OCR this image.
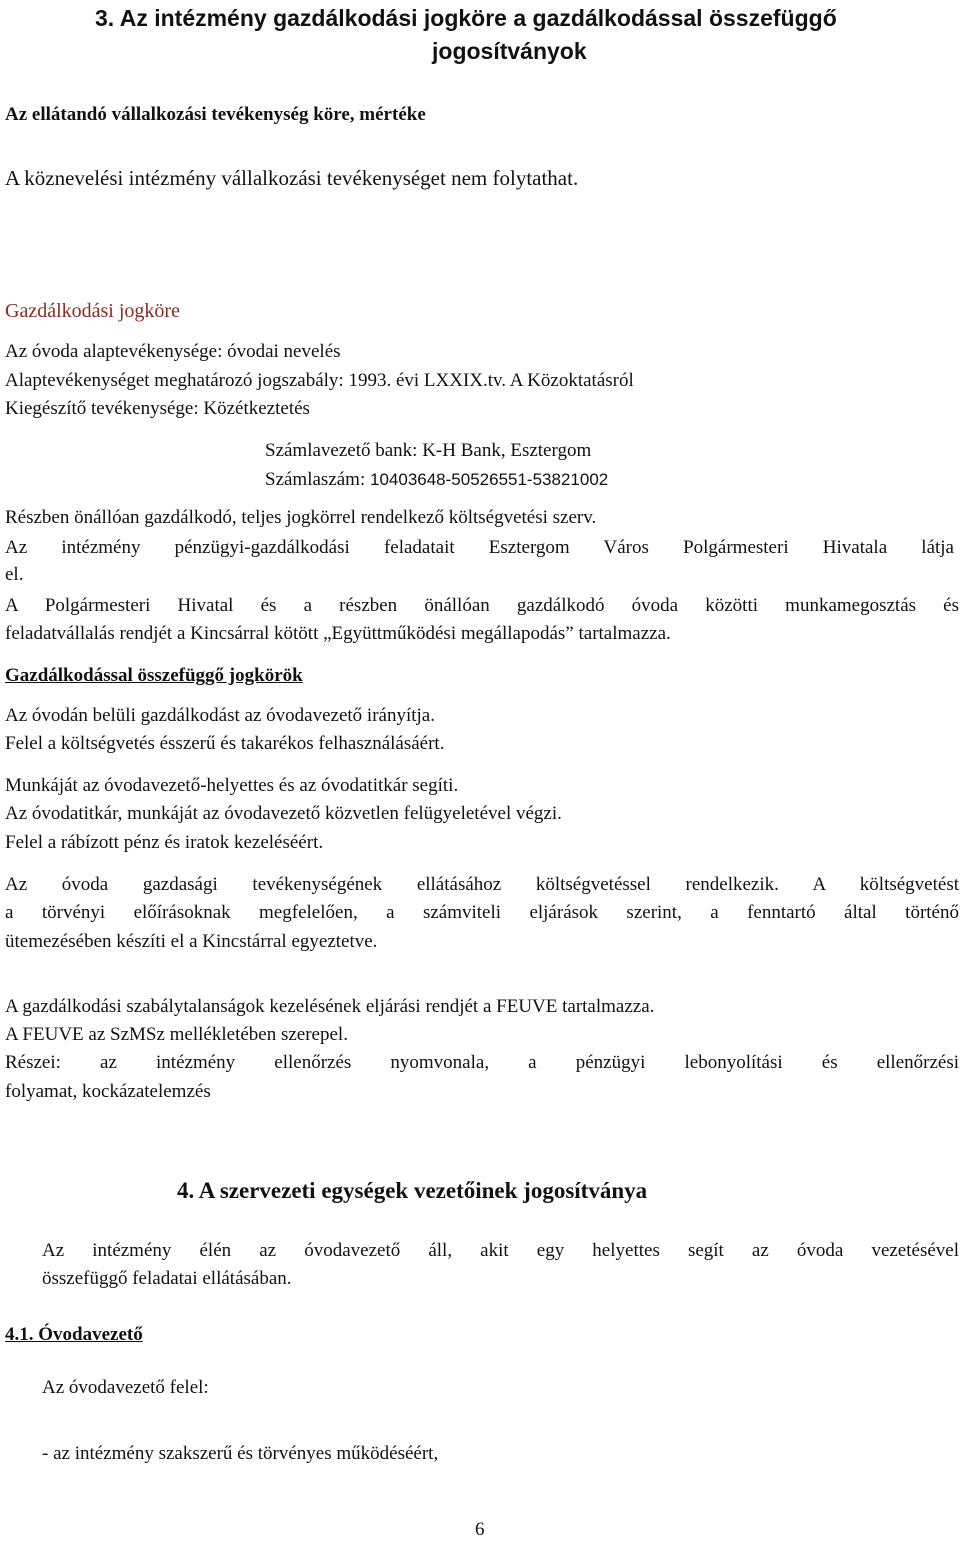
3. Az intézmény gazdálkodási jogköre a gazdálkodással összefüggő
jogosítványok
Az ellátandó vállalkozási tevékenység köre, mértéke
A köznevelési intézmény vállalkozási tevékenységet nem folytathat.
Gazdálkodási jogköre
Az óvoda alaptevékenysége: óvodai nevelés
Alaptevékenységet meghatározó jogszabály: 1993. évi LXXIX.tv. A Közoktatásról
Kiegészítő tevékenysége: Közétkeztetés
Számlavezető bank: K-H Bank, Esztergom
Számlaszám: 10403648-50526551-53821002
Részben önállóan gazdálkodó, teljes jogkörrel rendelkező költségvetési szerv.
Az intézmény pénzügyi-gazdálkodási feladatait Esztergom Város Polgármesteri Hivatala látja
el.
A Polgármesteri Hivatal és a részben önállóan gazdálkodó óvoda közötti munkamegosztás és
feladatvállalás rendjét a Kincsárral kötött „Együttműködési megállapodás” tartalmazza.
Gazdálkodással összefüggő jogkörök
Az óvodán belüli gazdálkodást az óvodavezető irányítja.
Felel a költségvetés ésszerű és takarékos felhasználásáért.
Munkáját az óvodavezető-helyettes és az óvodatitkár segíti.
Az óvodatitkár, munkáját az óvodavezető közvetlen felügyeletével végzi.
Felel a rábízott pénz és iratok kezeléséért.
Az óvoda gazdasági tevékenységének ellátásához költségvetéssel rendelkezik. A költségvetést
a törvényi előírásoknak megfelelően, a számviteli eljárások szerint, a fenntartó által történő
ütemezésében készíti el a Kincstárral egyeztetve.
A gazdálkodási szabálytalanságok kezelésének eljárási rendjét a FEUVE tartalmazza.
A FEUVE az SzMSz mellékletében szerepel.
Részei: az intézmény ellenőrzés nyomvonala, a pénzügyi lebonyolítási és ellenőrzési
folyamat, kockázatelemzés
4. A szervezeti egységek vezetőinek jogosítványa
Az intézmény élén az óvodavezető áll, akit egy helyettes segít az óvoda vezetésével
összefüggő feladatai ellátásában.
4.1. Óvodavezető
Az óvodavezető felel:
- az intézmény szakszerű és törvényes működéséért,
6
